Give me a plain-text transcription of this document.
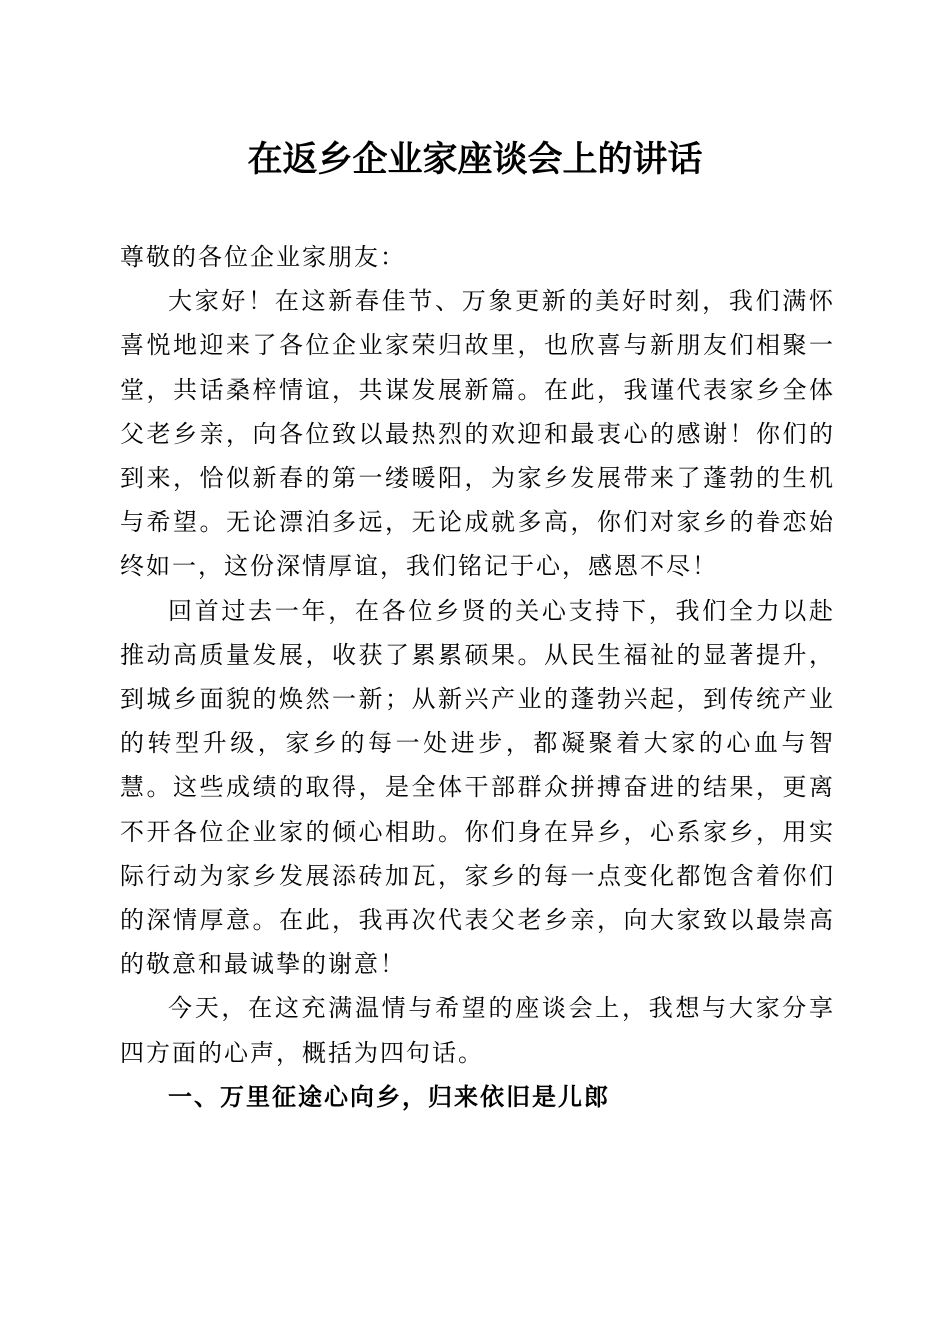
在返乡企业家座谈会上的讲话

尊敬的各位企业家朋友：

大家好！在这新春佳节、万象更新的美好时刻，我们满怀喜悦地迎来了各位企业家荣归故里，也欣喜与新朋友们相聚一堂，共话桑梓情谊，共谋发展新篇。在此，我谨代表家乡全体父老乡亲，向各位致以最热烈的欢迎和最衷心的感谢！你们的到来，恰似新春的第一缕暖阳，为家乡发展带来了蓬勃的生机与希望。无论漂泊多远，无论成就多高，你们对家乡的眷恋始终如一，这份深情厚谊，我们铭记于心，感恩不尽！

回首过去一年，在各位乡贤的关心支持下，我们全力以赴推动高质量发展，收获了累累硕果。从民生福祉的显著提升，到城乡面貌的焕然一新；从新兴产业的蓬勃兴起，到传统产业的转型升级，家乡的每一处进步，都凝聚着大家的心血与智慧。这些成绩的取得，是全体干部群众拼搏奋进的结果，更离不开各位企业家的倾心相助。你们身在异乡，心系家乡，用实际行动为家乡发展添砖加瓦，家乡的每一点变化都饱含着你们的深情厚意。在此，我再次代表父老乡亲，向大家致以最崇高的敬意和最诚挚的谢意！

今天，在这充满温情与希望的座谈会上，我想与大家分享四方面的心声，概括为四句话。

一、万里征途心向乡，归来依旧是儿郎
